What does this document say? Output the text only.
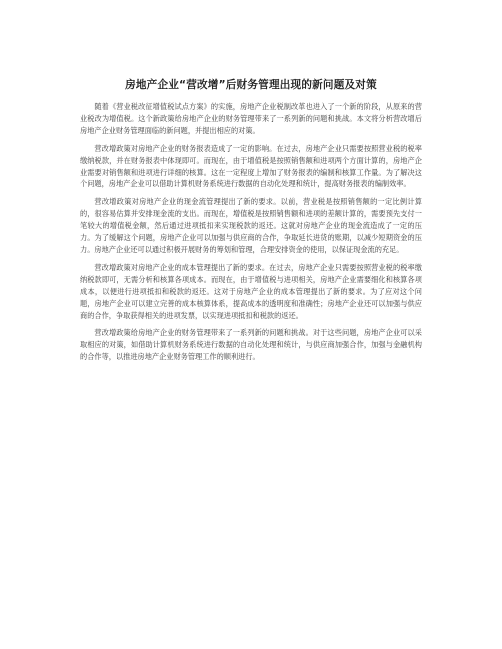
房地产企业“营改增”后财务管理出现的新问题及对策

随着《营业税改征增值税试点方案》的实施，房地产企业税制改革也进入了一个新的阶段，从原来的营业税改为增值税。这个新政策给房地产企业的财务管理带来了一系列新的问题和挑战。本文将分析营改增后房地产企业财务管理面临的新问题，并提出相应的对策。

营改增政策对房地产企业的财务报表造成了一定的影响。在过去，房地产企业只需要按照营业税的税率缴纳税款，并在财务报表中体现即可。而现在，由于增值税是按照销售额和进项两个方面计算的，房地产企业需要对销售额和进项进行详细的核算。这在一定程度上增加了财务报表的编制和核算工作量。为了解决这个问题，房地产企业可以借助计算机财务系统进行数据的自动化处理和统计，提高财务报表的编制效率。

营改增政策对房地产企业的现金流管理提出了新的要求。以前，营业税是按照销售额的一定比例计算的，很容易估算并安排现金流的支出。而现在，增值税是按照销售额和进项的差额计算的，需要预先支付一笔较大的增值税金额，然后通过进项抵扣来实现税款的返还。这就对房地产企业的现金流造成了一定的压力。为了缓解这个问题，房地产企业可以加强与供应商的合作，争取延长进货的账期，以减少短期资金的压力。房地产企业还可以通过积极开展财务的筹划和管理，合理安排资金的使用，以保证现金流的充足。

营改增政策对房地产企业的成本管理提出了新的要求。在过去，房地产企业只需要按照营业税的税率缴纳税款即可，无需分析和核算各项成本。而现在，由于增值税与进项相关，房地产企业需要细化和核算各项成本，以便进行进项抵扣和税款的返还。这对于房地产企业的成本管理提出了新的要求。为了应对这个问题，房地产企业可以建立完善的成本核算体系，提高成本的透明度和准确性；房地产企业还可以加强与供应商的合作，争取获得相关的进项发票，以实现进项抵扣和税款的返还。

营改增政策给房地产企业的财务管理带来了一系列新的问题和挑战。对于这些问题，房地产企业可以采取相应的对策，如借助计算机财务系统进行数据的自动化处理和统计，与供应商加强合作，加强与金融机构的合作等，以推进房地产企业财务管理工作的顺利进行。
